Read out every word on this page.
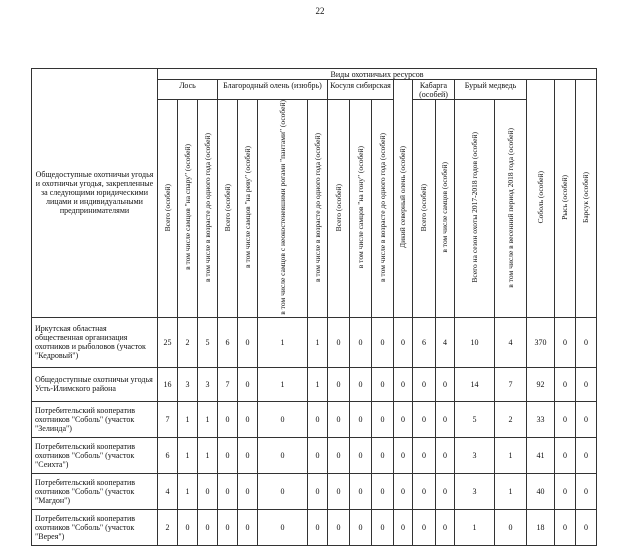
22
Общедоступные охотничьи угодья и охотничьи угодья, закрепленные за следующими юридическими лицами и индивидуальными предпринимателями	Виды охотничьих ресурсов																	
	Лось			Благородный олень (изюбрь)				Косуля сибирская			Дикий северный олень (особей)	Кабарга (особей)		Бурый медведь		Соболь (особей)	Рысь (особей)	Барсук (особей)
	Всего (особей)	в том числе самцов "на спару" (особей)	в том числе в возрасте до одного года (особей)	Всего (особей)	в том числе самцов "на реву" (особей)	в том числе самцов с неокостеневшими рогами "пантами" (особей)	в том числе в возрасте до одного года (особей)	Всего (особей)	в том числе самцов "на гону" (особей)	в том числе в возрасте до одного года (особей)		Всего (особей)	в том числе самцов (особей)	Всего на сезон охоты 2017-2018 годов (особей)	в том числе в весенний период 2018 года (особей)			
Иркутская областная общественная организация охотников и рыболовов (участок "Кедровый")	25	2	5	6	0	1	1	0	0	0	0	6	4	10	4	370	0	0
Общедоступные охотничьи угодья Усть-Илимского района	16	3	3	7	0	1	1	0	0	0	0	0	0	14	7	92	0	0
Потребительский кооператив охотников "Соболь" (участок "Зелинда")	7	1	1	0	0	0	0	0	0	0	0	0	0	5	2	33	0	0
Потребительский кооператив охотников "Соболь" (участок "Сеихта")	6	1	1	0	0	0	0	0	0	0	0	0	0	3	1	41	0	0
Потребительский кооператив охотников "Соболь" (участок "Магдон")	4	1	0	0	0	0	0	0	0	0	0	0	0	3	1	40	0	0
Потребительский кооператив охотников "Соболь" (участок "Верея")	2	0	0	0	0	0	0	0	0	0	0	0	0	1	0	18	0	0
